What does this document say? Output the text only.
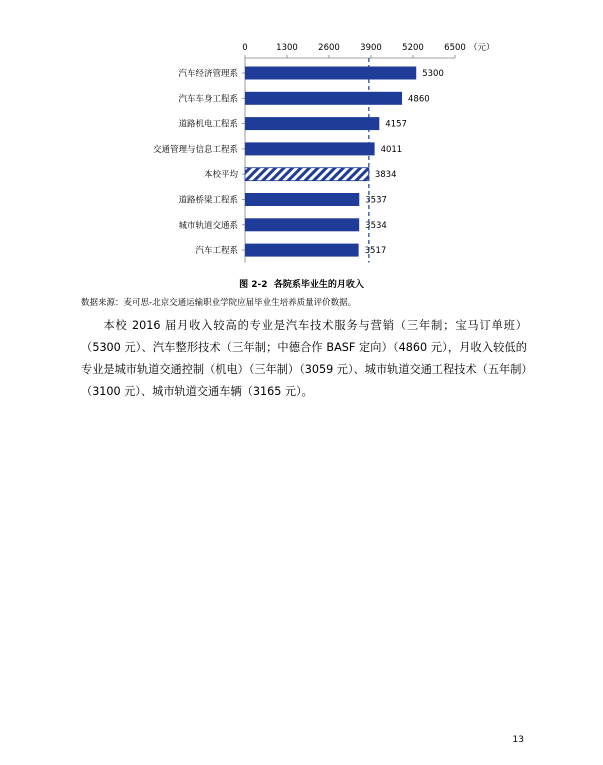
0	1300 2600 3900 5200 6500 （元）
汽车经济管理系
汽车车身工程系
道路机电工程系
交通管理与信息工程系
本校平均
道路桥梁工程系
城市轨道交通系
汽车工程系
5300
4860
4157
4011
3834
3537
3534
3517
图 2-2  各院系毕业生的月收入
数据来源：麦可思-北京交通运输职业学院应届毕业生培养质量评价数据。
本校 2016 届月收入较高的专业是汽车技术服务与营销（三年制；宝马订单班）（5300 元）、汽车整形技术（三年制；中德合作 BASF 定向）（4860 元），月收入较低的专业是城市轨道交通控制（机电）（三年制）（3059 元）、城市轨道交通工程技术（五年制）（3100 元）、城市轨道交通车辆（3165 元）。
13
